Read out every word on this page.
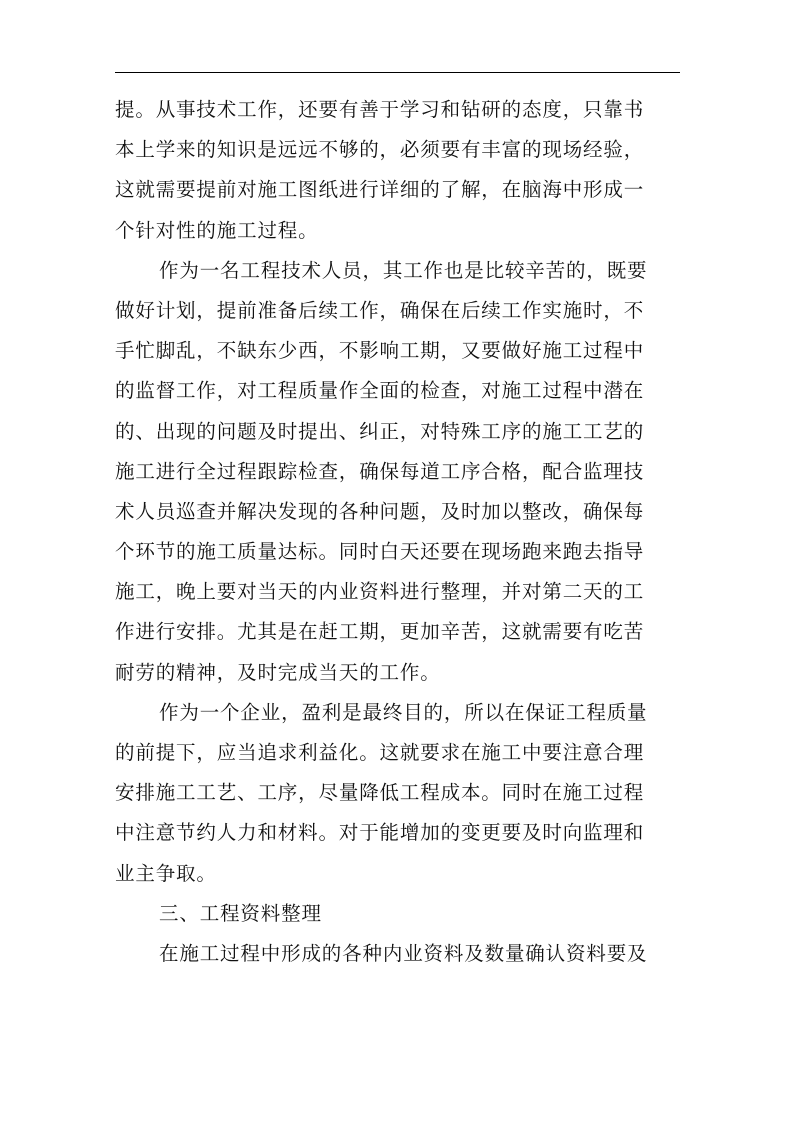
提。从事技术工作，还要有善于学习和钻研的态度，只靠书
本上学来的知识是远远不够的，必须要有丰富的现场经验，
这就需要提前对施工图纸进行详细的了解，在脑海中形成一
个针对性的施工过程。
作为一名工程技术人员，其工作也是比较辛苦的，既要
做好计划，提前准备后续工作，确保在后续工作实施时，不
手忙脚乱，不缺东少西，不影响工期，又要做好施工过程中
的监督工作，对工程质量作全面的检查，对施工过程中潜在
的、出现的问题及时提出、纠正，对特殊工序的施工工艺的
施工进行全过程跟踪检查，确保每道工序合格，配合监理技
术人员巡查并解决发现的各种问题，及时加以整改，确保每
个环节的施工质量达标。同时白天还要在现场跑来跑去指导
施工，晚上要对当天的内业资料进行整理，并对第二天的工
作进行安排。尤其是在赶工期，更加辛苦，这就需要有吃苦
耐劳的精神，及时完成当天的工作。
作为一个企业，盈利是最终目的，所以在保证工程质量
的前提下，应当追求利益化。这就要求在施工中要注意合理
安排施工工艺、工序，尽量降低工程成本。同时在施工过程
中注意节约人力和材料。对于能增加的变更要及时向监理和
业主争取。
三、工程资料整理
在施工过程中形成的各种内业资料及数量确认资料要及
